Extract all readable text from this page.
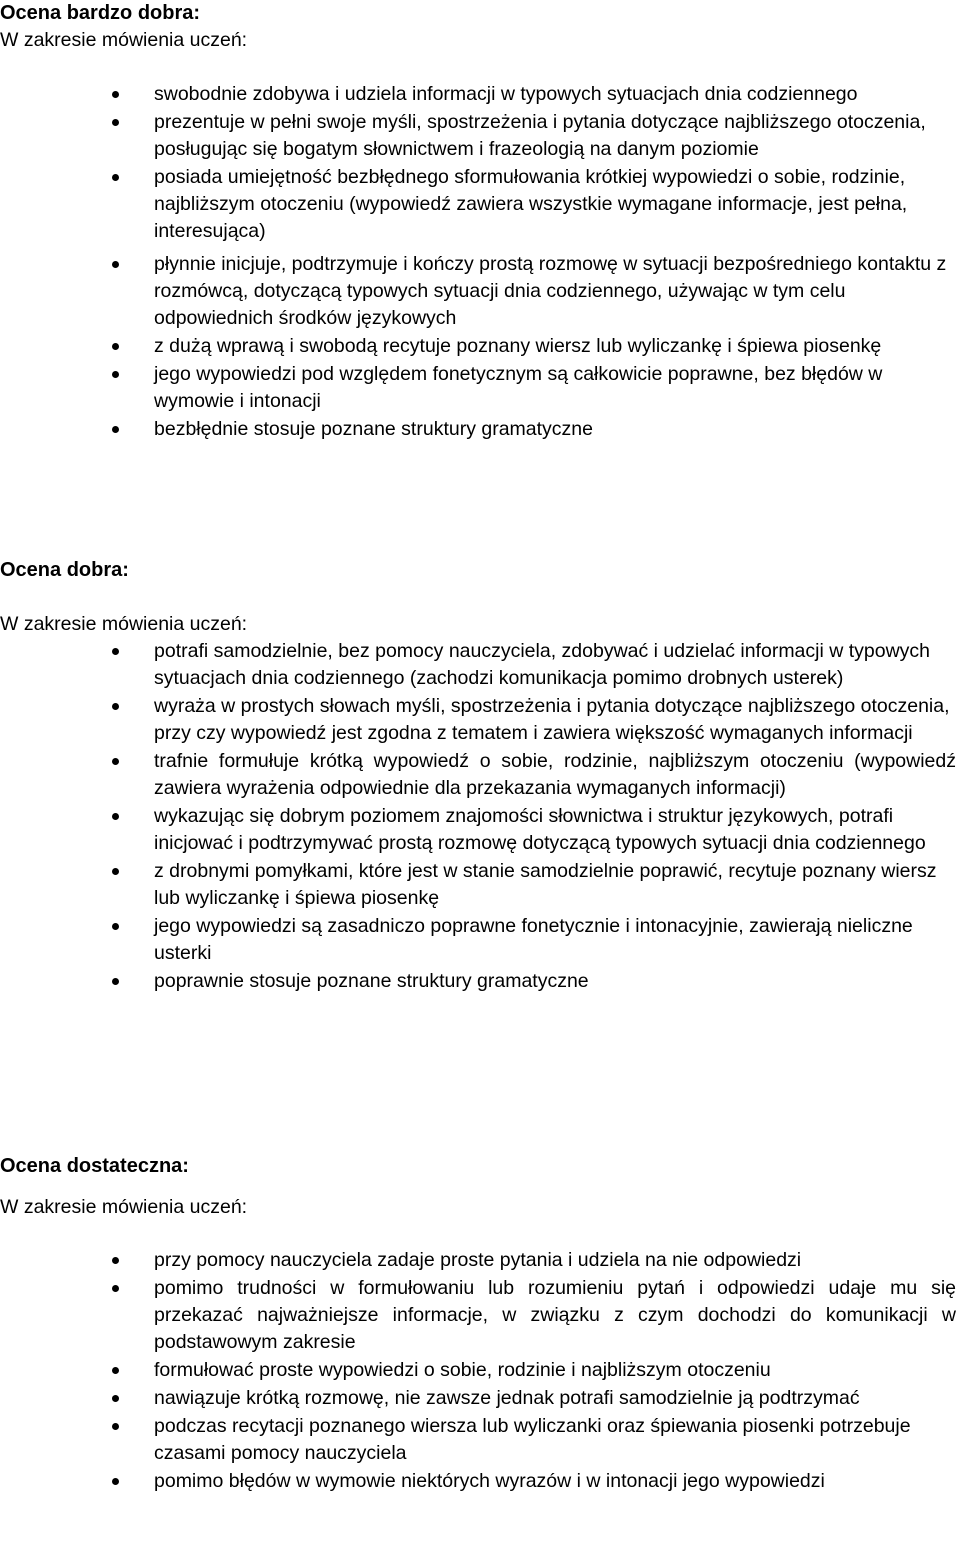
Ocena bardzo dobra:
W zakresie mówienia uczeń:
swobodnie zdobywa i udziela informacji w typowych sytuacjach dnia codziennego
prezentuje w pełni swoje myśli, spostrzeżenia i pytania dotyczące najbliższego otoczenia, posługując się bogatym słownictwem i frazeologią na danym poziomie
posiada umiejętność bezbłędnego sformułowania krótkiej wypowiedzi o sobie, rodzinie, najbliższym otoczeniu (wypowiedź zawiera wszystkie wymagane informacje, jest pełna, interesująca)
płynnie inicjuje, podtrzymuje i kończy prostą rozmowę w sytuacji bezpośredniego kontaktu z rozmówcą, dotyczącą typowych sytuacji dnia codziennego, używając w tym celu odpowiednich środków językowych
z dużą wprawą i swobodą recytuje poznany wiersz lub wyliczankę i śpiewa piosenkę
jego wypowiedzi pod względem fonetycznym są całkowicie poprawne, bez błędów w wymowie i intonacji
bezbłędnie stosuje poznane struktury gramatyczne
Ocena dobra:
W zakresie mówienia uczeń:
potrafi samodzielnie, bez pomocy nauczyciela, zdobywać i udzielać informacji w typowych sytuacjach dnia codziennego (zachodzi komunikacja pomimo drobnych usterek)
wyraża w prostych słowach myśli, spostrzeżenia i pytania dotyczące najbliższego otoczenia, przy czy wypowiedź jest zgodna z tematem i zawiera większość wymaganych informacji
trafnie formułuje krótką wypowiedź o sobie, rodzinie, najbliższym otoczeniu (wypowiedź zawiera wyrażenia odpowiednie dla przekazania wymaganych informacji)
wykazując się dobrym poziomem znajomości słownictwa i struktur językowych, potrafi inicjować i podtrzymywać prostą rozmowę dotyczącą typowych sytuacji dnia codziennego
z drobnymi pomyłkami, które jest w stanie samodzielnie poprawić, recytuje poznany wiersz lub wyliczankę i śpiewa piosenkę
jego wypowiedzi są zasadniczo poprawne fonetycznie i intonacyjnie, zawierają nieliczne usterki
poprawnie stosuje poznane struktury gramatyczne
Ocena dostateczna:
W zakresie mówienia uczeń:
przy pomocy nauczyciela zadaje proste pytania i udziela na nie odpowiedzi
pomimo trudności w formułowaniu lub rozumieniu pytań i odpowiedzi udaje mu się przekazać najważniejsze informacje, w związku z czym dochodzi do komunikacji w podstawowym zakresie
formułować proste wypowiedzi o sobie, rodzinie i najbliższym otoczeniu
nawiązuje krótką rozmowę, nie zawsze jednak potrafi samodzielnie ją podtrzymać
podczas recytacji poznanego wiersza lub wyliczanki oraz śpiewania piosenki potrzebuje czasami pomocy nauczyciela
pomimo błędów w wymowie niektórych wyrazów i w intonacji jego wypowiedzi
